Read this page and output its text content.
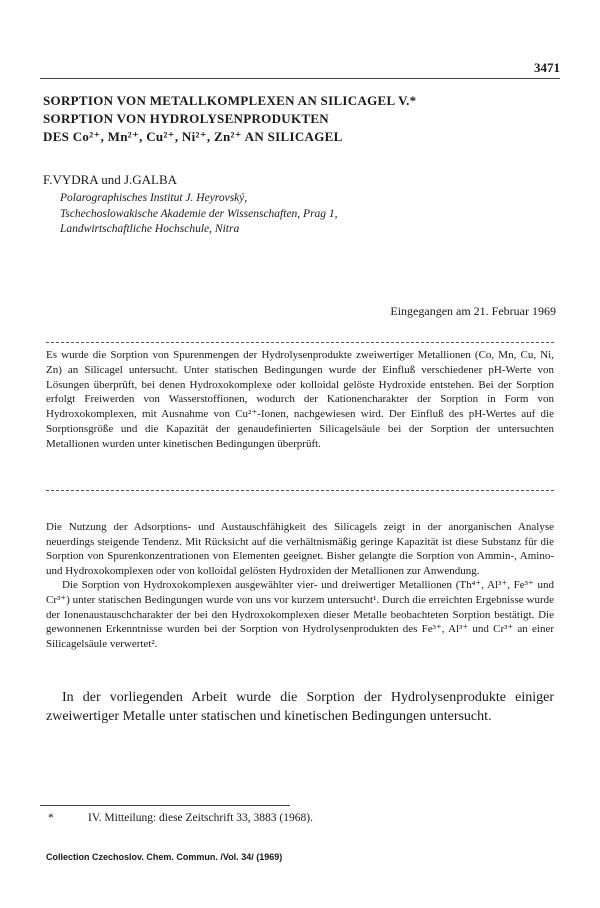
3471
SORPTION VON METALLKOMPLEXEN AN SILICAGEL V.*
SORPTION VON HYDROLYSENPRODUKTEN
DES Co²⁺, Mn²⁺, Cu²⁺, Ni²⁺, Zn²⁺ AN SILICAGEL
F.VYDRA und J.GALBA
Polarographisches Institut J. Heyrovský,
Tschechoslowakische Akademie der Wissenschaften, Prag 1,
Landwirtschaftliche Hochschule, Nitra
Eingegangen am 21. Februar 1969
Es wurde die Sorption von Spurenmengen der Hydrolysenprodukte zweiwertiger Metallionen (Co, Mn, Cu, Ni, Zn) an Silicagel untersucht. Unter statischen Bedingungen wurde der Einfluß verschiedener pH-Werte von Lösungen überprüft, bei denen Hydroxokomplexe oder kolloidal gelöste Hydroxide entstehen. Bei der Sorption erfolgt Freiwerden von Wasserstoffionen, wodurch der Kationencharakter der Sorption in Form von Hydroxokomplexen, mit Ausnahme von Cu²⁺-Ionen, nachgewiesen wird. Der Einfluß des pH-Wertes auf die Sorptionsgröße und die Kapazität der genaudefinierten Silicagelsäule bei der Sorption der untersuchten Metallionen wurden unter kinetischen Bedingungen überprüft.

Die Nutzung der Adsorptions- und Austauschfähigkeit des Silicagels zeigt in der anorganischen Analyse neuerdings steigende Tendenz. Mit Rücksicht auf die verhältnismäßig geringe Kapazität ist diese Substanz für die Sorption von Spurenkonzentrationen von Elementen geeignet. Bisher gelangte die Sorption von Ammin-, Amino- und Hydroxokomplexen oder von kolloidal gelösten Hydroxiden der Metallionen zur Anwendung.

Die Sorption von Hydroxokomplexen ausgewählter vier- und dreiwertiger Metallionen (Th⁴⁺, Al³⁺, Fe³⁺ und Cr³⁺) unter statischen Bedingungen wurde von uns vor kurzem untersucht¹. Durch die erreichten Ergebnisse wurde der Ionenaustauschcharakter der bei den Hydroxokomplexen dieser Metalle beobachteten Sorption bestätigt. Die gewonnenen Erkenntnisse wurden bei der Sorption von Hydrolysenprodukten des Fe³⁺, Al³⁺ und Cr³⁺ an einer Silicagelsäule verwertet².

In der vorliegenden Arbeit wurde die Sorption der Hydrolysenprodukte einiger zweiwertiger Metalle unter statischen und kinetischen Bedingungen untersucht.
*	IV. Mitteilung: diese Zeitschrift 33, 3883 (1968).
Collection Czechoslov. Chem. Commun. /Vol. 34/ (1969)
